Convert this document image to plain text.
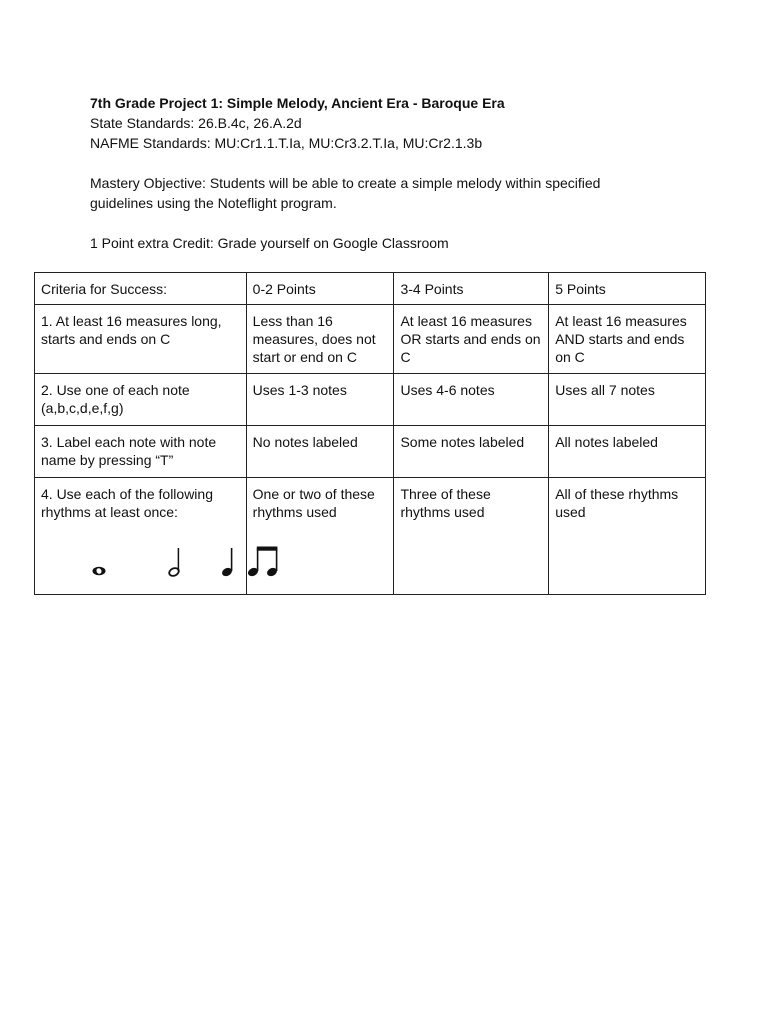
7th Grade Project 1: Simple Melody, Ancient Era - Baroque Era

State Standards: 26.B.4c, 26.A.2d

NAFME Standards: MU:Cr1.1.T.Ia, MU:Cr3.2.T.Ia, MU:Cr2.1.3b

Mastery Objective: Students will be able to create a simple melody within specified

guidelines using the Noteflight program.

1 Point extra Credit: Grade yourself on Google Classroom

Criteria for Success:	0-2 Points	3-4 Points	5 Points
1. At least 16 measures long, starts and ends on C	Less than 16 measures, does not start or end on C	At least 16 measures OR starts and ends on C	At least 16 measures AND starts and ends on C
2. Use one of each note (a,b,c,d,e,f,g)	Uses 1-3 notes	Uses 4-6 notes	Uses all 7 notes
3. Label each note with note name by pressing “T”	No notes labeled	Some notes labeled	All notes labeled

4. Use each of the following rhythms at least once:	One or two of these rhythms used	Three of these rhythms used	All of these rhythms used
